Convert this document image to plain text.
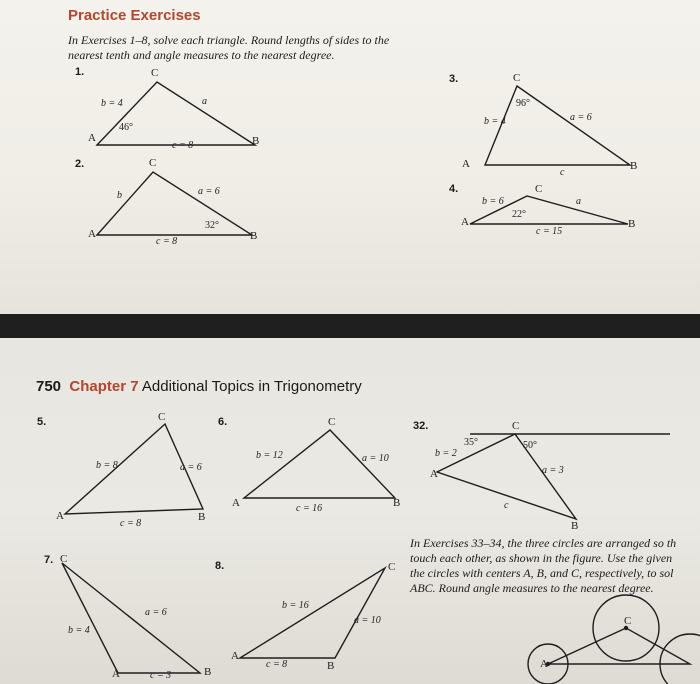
Practice Exercises
In Exercises 1–8, solve each triangle. Round lengths of sides to the
nearest tenth and angle measures to the nearest degree.
1.	C
b = 4	a
46°
A
c = 8	B
2.	C
b	a = 6
32°
A
c = 8	B
3.	C
96°
a = 6
b = 4
A
c
B
4.	C
b = 6	a
22°
A	B
c = 15
750 Chapter 7 Additional Topics in Trigonometry
5.	C
b = 8	a = 6
A	B
c = 8
6.	C
b = 12	a = 10
A	B
c = 16
32.	C
35°	50°
b = 2
a = 3
A
c
B
In Exercises 33–34, the three circles are arranged so th
touch each other, as shown in the figure. Use the given
the circles with centers A, B, and C, respectively, to sol
ABC. Round angle measures to the nearest degree.
C
A
C
7. C
a = 6
b = 4
A	c = 3	B
8.
b = 16
a = 10
A
c = 8	B
